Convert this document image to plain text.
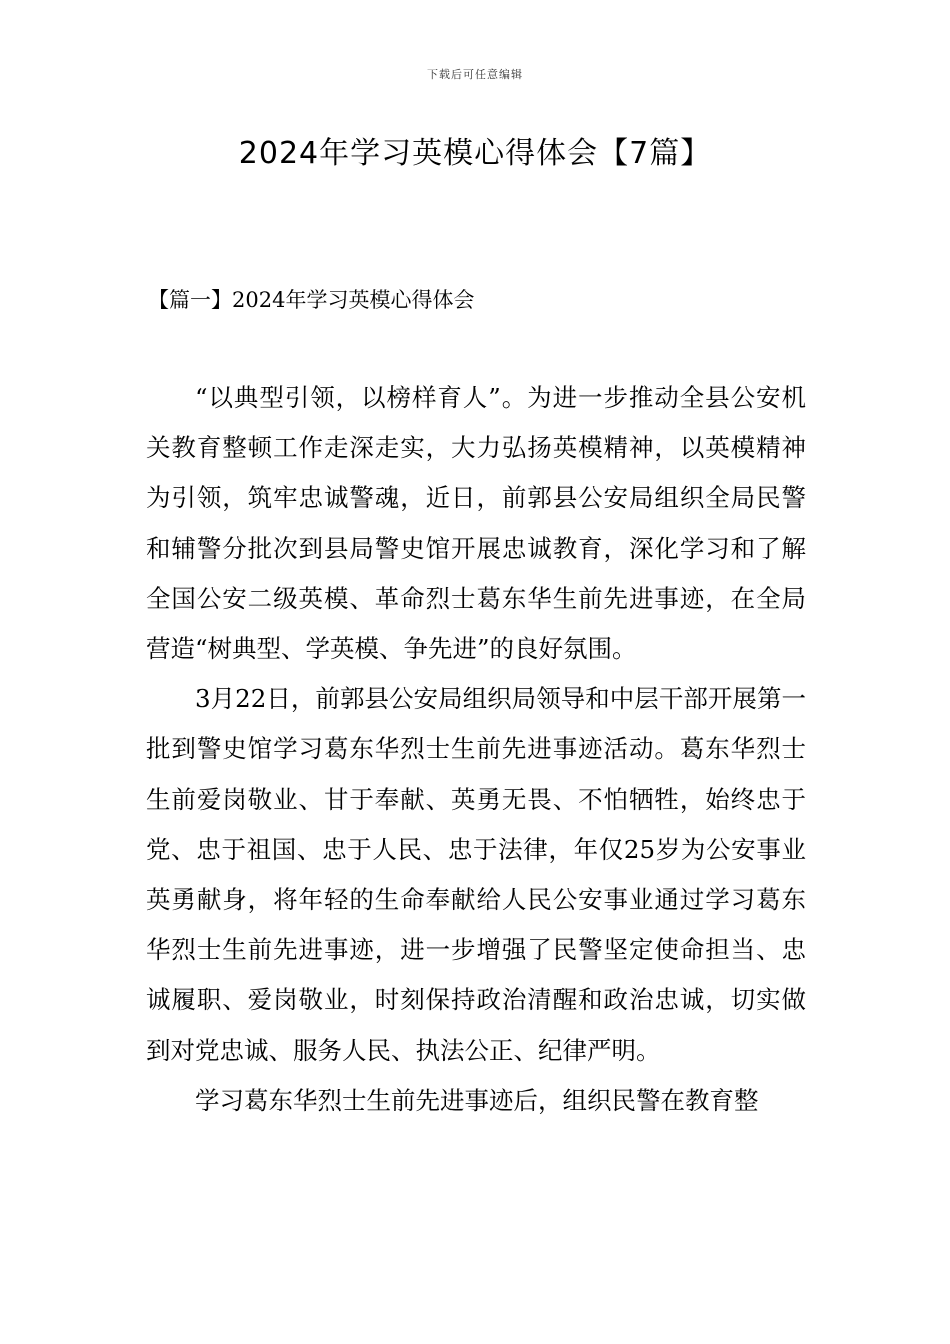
下载后可任意编辑
2024年学习英模心得体会【7篇】
【篇一】2024年学习英模心得体会

“以典型引领，以榜样育人”。为进一步推动全县公安机关教育整顿工作走深走实，大力弘扬英模精神，以英模精神为引领，筑牢忠诚警魂，近日，前郭县公安局组织全局民警和辅警分批次到县局警史馆开展忠诚教育，深化学习和了解全国公安二级英模、革命烈士葛东华生前先进事迹，在全局营造“树典型、学英模、争先进”的良好氛围。

3月22日，前郭县公安局组织局领导和中层干部开展第一批到警史馆学习葛东华烈士生前先进事迹活动。葛东华烈士生前爱岗敬业、甘于奉献、英勇无畏、不怕牺牲，始终忠于党、忠于祖国、忠于人民、忠于法律，年仅25岁为公安事业英勇献身，将年轻的生命奉献给人民公安事业通过学习葛东华烈士生前先进事迹，进一步增强了民警坚定使命担当、忠诚履职、爱岗敬业，时刻保持政治清醒和政治忠诚，切实做到对党忠诚、服务人民、执法公正、纪律严明。

学习葛东华烈士生前先进事迹后，组织民警在教育整
